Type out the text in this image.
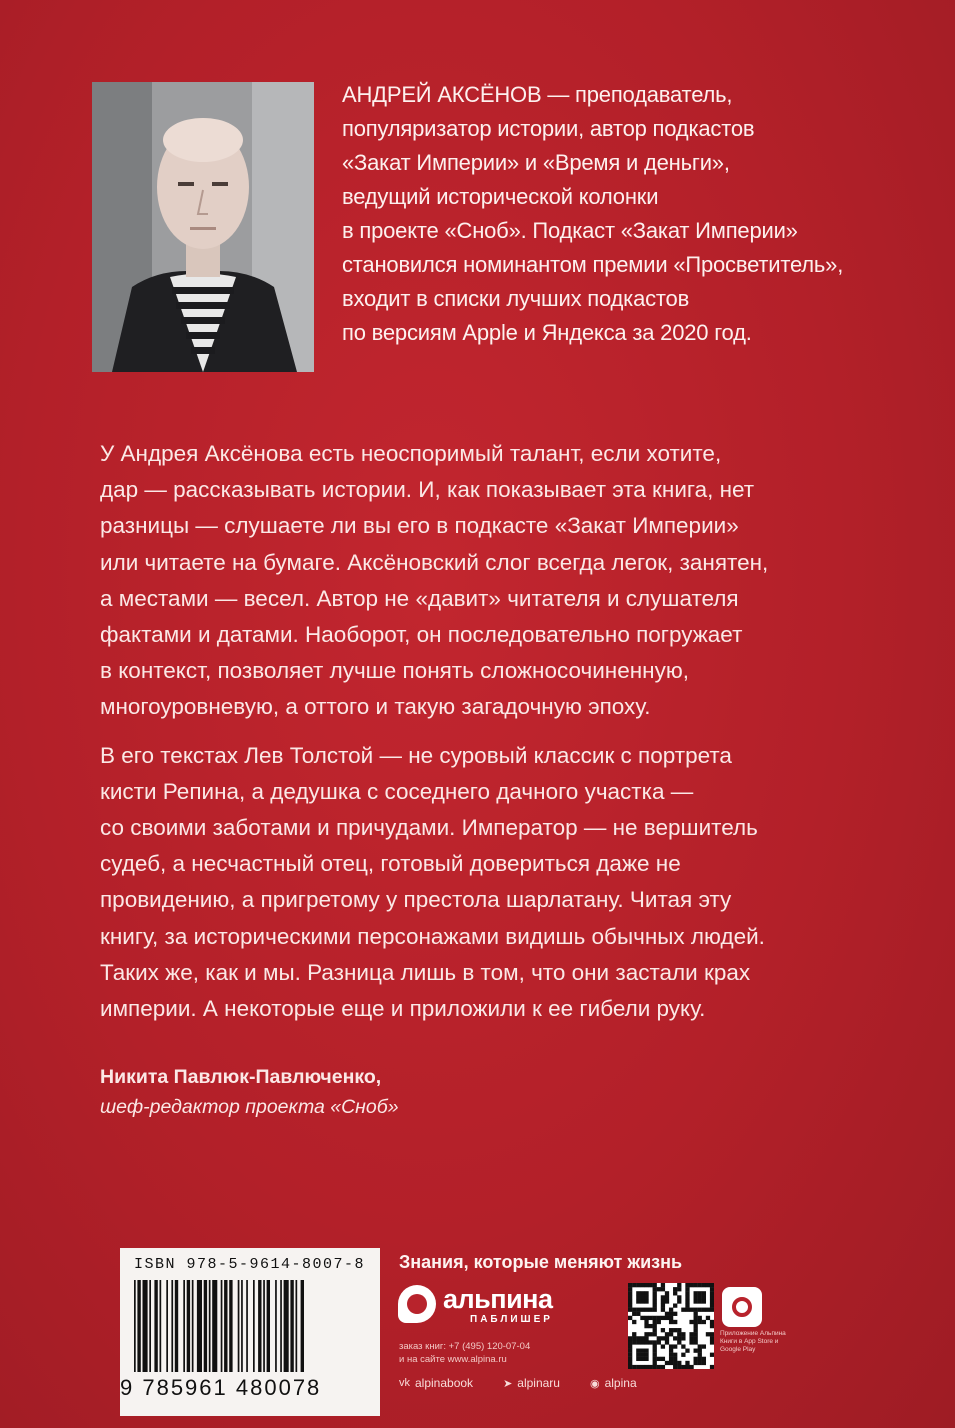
АНДРЕЙ АКСЁНОВ — преподаватель,
популяризатор истории, автор подкастов
«Закат Империи» и «Время и деньги»,
ведущий исторической колонки
в проекте «Сноб». Подкаст «Закат Империи»
становился номинантом премии «Просветитель»,
входит в списки лучших подкастов
по версиям Apple и Яндекса за 2020 год.
У Андрея Аксёнова есть неоспоримый талант, если хотите,
дар — рассказывать истории. И, как показывает эта книга, нет
разницы — слушаете ли вы его в подкасте «Закат Империи»
или читаете на бумаге. Аксёновский слог всегда легок, занятен,
а местами — весел. Автор не «давит» читателя и слушателя
фактами и датами. Наоборот, он последовательно погружает
в контекст, позволяет лучше понять сложносочиненную,
многоуровневую, а оттого и такую загадочную эпоху.
В его текстах Лев Толстой — не суровый классик с портрета
кисти Репина, а дедушка с соседнего дачного участка —
со своими заботами и причудами. Император — не вершитель
судеб, а несчастный отец, готовый довериться даже не
провидению, а пригретому у престола шарлатану. Читая эту
книгу, за историческими персонажами видишь обычных людей.
Таких же, как и мы. Разница лишь в том, что они застали крах
империи. А некоторые еще и приложили к ее гибели руку.
Никита Павлюк-Павлюченко,
шеф-редактор проекта «Сноб»
ISBN 978-5-9614-8007-8
9 785961 480078
Знания, которые меняют жизнь
альпина
ПАБЛИШЕР
заказ книг: +7 (495) 120-07-04
и на сайте www.alpina.ru
vk alpinabook	➤ alpinaru	◉ alpina
Приложение Альпина Книги в App Store и Google Play
